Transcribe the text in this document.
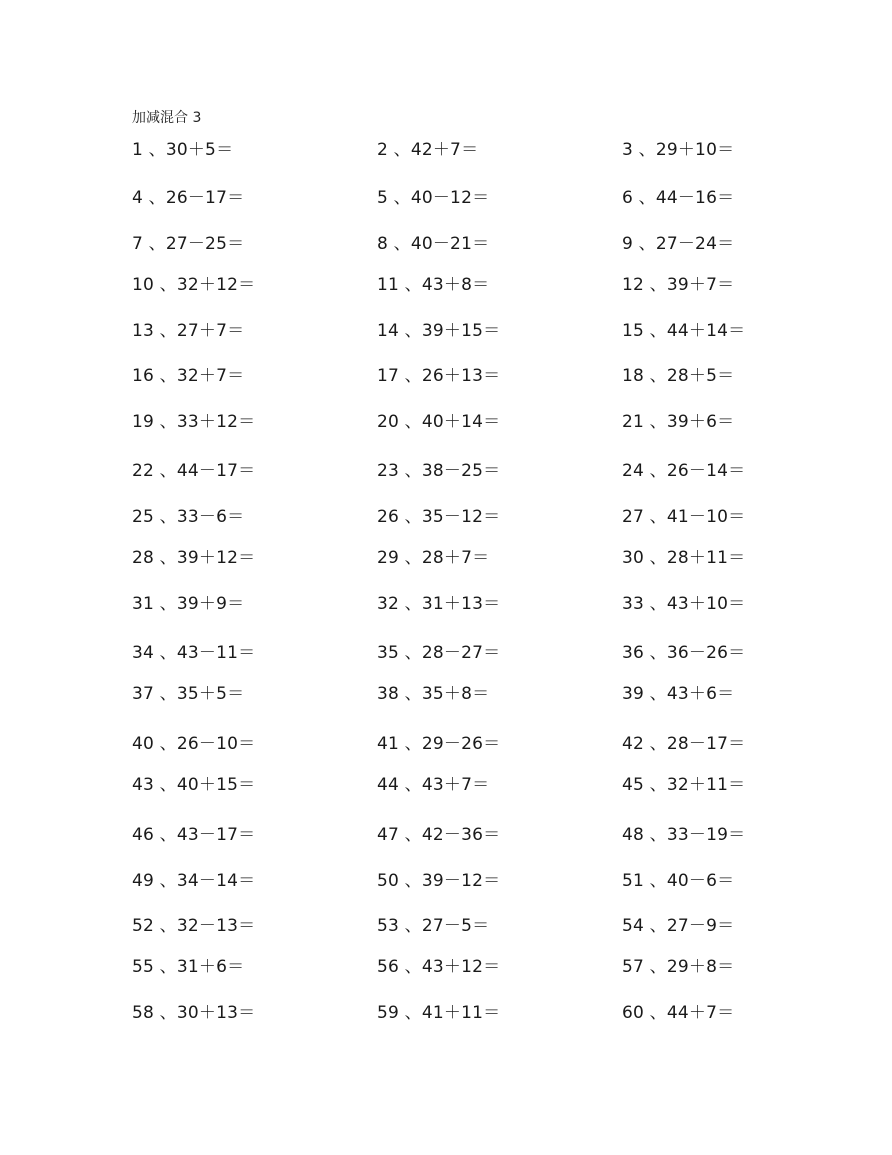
加减混合 3
1 、30＋5＝	2 、42＋7＝	3 、29＋10＝
4 、26－17＝	5 、40－12＝	6 、44－16＝
7 、27－25＝	8 、40－21＝	9 、27－24＝
10 、32＋12＝	11 、43＋8＝	12 、39＋7＝
13 、27＋7＝	14 、39＋15＝	15 、44＋14＝
16 、32＋7＝	17 、26＋13＝	18 、28＋5＝
19 、33＋12＝	20 、40＋14＝	21 、39＋6＝
22 、44－17＝	23 、38－25＝	24 、26－14＝
25 、33－6＝	26 、35－12＝	27 、41－10＝
28 、39＋12＝	29 、28＋7＝	30 、28＋11＝
31 、39＋9＝	32 、31＋13＝	33 、43＋10＝
34 、43－11＝	35 、28－27＝	36 、36－26＝
37 、35＋5＝	38 、35＋8＝	39 、43＋6＝
40 、26－10＝	41 、29－26＝	42 、28－17＝
43 、40＋15＝	44 、43＋7＝	45 、32＋11＝
46 、43－17＝	47 、42－36＝	48 、33－19＝
49 、34－14＝	50 、39－12＝	51 、40－6＝
52 、32－13＝	53 、27－5＝	54 、27－9＝
55 、31＋6＝	56 、43＋12＝	57 、29＋8＝
58 、30＋13＝	59 、41＋11＝	60 、44＋7＝
